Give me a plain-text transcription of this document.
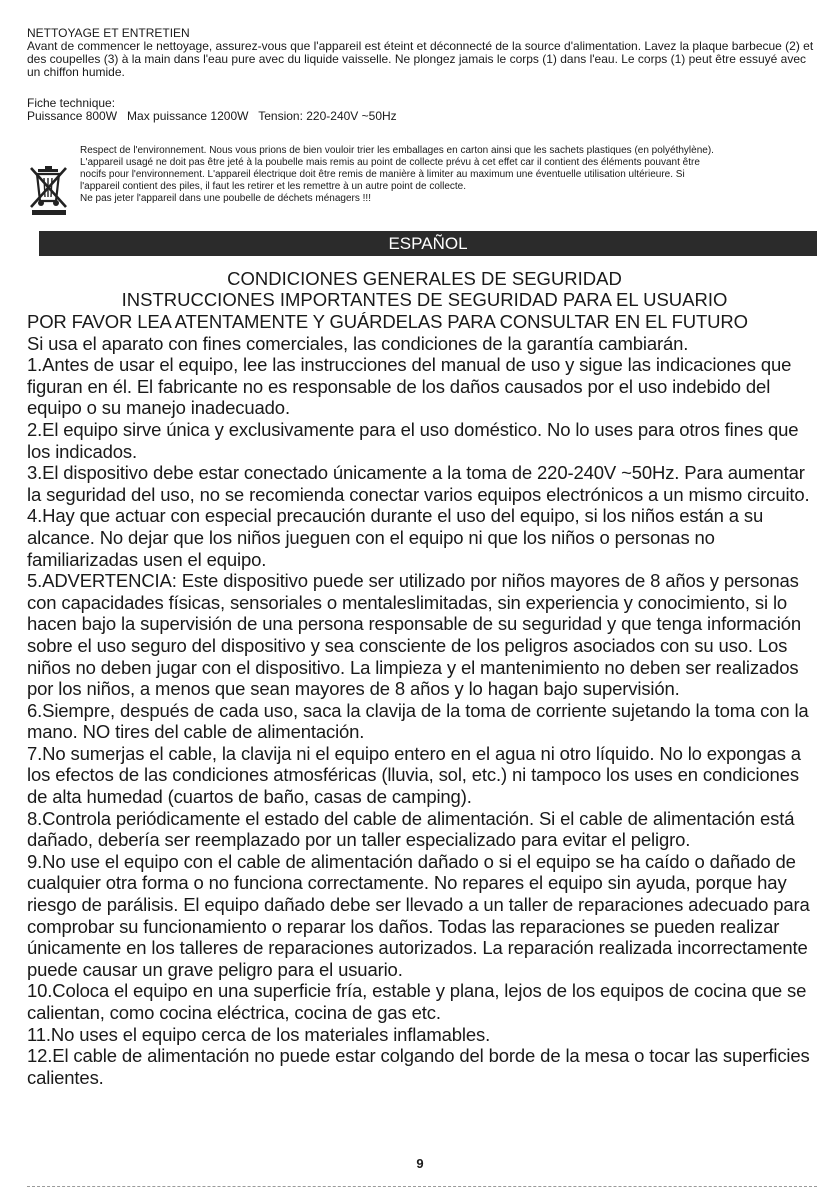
NETTOYAGE ET ENTRETIEN

Avant de commencer le nettoyage, assurez-vous que l'appareil est éteint et déconnecté de la source d'alimentation. Lavez la plaque barbecue (2) et des coupelles (3) à la main dans l'eau pure avec du liquide vaisselle. Ne plongez jamais le corps (1) dans l'eau. Le corps (1) peut être essuyé avec un chiffon humide.

Fiche technique:

Puissance 800W   Max puissance 1200W   Tension: 220-240V ~50Hz

Respect de l'environnement. Nous vous prions de bien vouloir trier les emballages en carton ainsi que les sachets plastiques (en polyéthylène).

L'appareil usagé ne doit pas être jeté à la poubelle mais remis au point de collecte prévu à cet effet car il contient des éléments pouvant être

nocifs pour l'environnement. L'appareil électrique doit être remis de manière à limiter au maximum une éventuelle utilisation ultérieure. Si

l'appareil contient des piles, il faut les retirer et les remettre à un autre point de collecte.

Ne pas jeter l'appareil dans une poubelle de déchets ménagers !!!

ESPAÑOL

CONDICIONES GENERALES DE SEGURIDAD

INSTRUCCIONES IMPORTANTES DE SEGURIDAD PARA EL USUARIO

POR FAVOR LEA ATENTAMENTE Y GUÁRDELAS PARA CONSULTAR EN EL FUTURO

Si usa el aparato con fines comerciales, las condiciones de la garantía cambiarán.

1.Antes de usar el equipo, lee las instrucciones del manual de uso y sigue las indicaciones que figuran en él. El fabricante no es responsable de los daños causados por el uso indebido del equipo o su manejo inadecuado.

2.El equipo sirve única y exclusivamente para el uso doméstico. No lo uses para otros fines que los indicados.

3.El dispositivo debe estar conectado únicamente a la toma de 220-240V ~50Hz. Para aumentar la seguridad del uso, no se recomienda conectar varios equipos electrónicos a un mismo circuito.

4.Hay que actuar con especial precaución durante el uso del equipo, si los niños están a su alcance. No dejar que los niños jueguen con el equipo ni que los niños o personas no familiarizadas usen el equipo.

5.ADVERTENCIA: Este dispositivo puede ser utilizado por niños mayores de 8 años y personas con capacidades físicas, sensoriales o mentaleslimitadas, sin experiencia y conocimiento, si lo hacen bajo la supervisión de una persona responsable de su seguridad y que tenga información sobre el uso seguro del dispositivo y sea consciente de los peligros asociados con su uso. Los niños no deben jugar con el dispositivo. La limpieza y el mantenimiento no deben ser realizados por los niños, a menos que sean mayores de 8 años y lo hagan bajo supervisión.

6.Siempre, después de cada uso, saca la clavija de la toma de corriente sujetando la toma con la mano. NO tires del cable de alimentación.

7.No sumerjas el cable, la clavija ni el equipo entero en el agua ni otro líquido. No lo expongas a los efectos de las condiciones atmosféricas (lluvia, sol, etc.) ni tampoco los uses en condiciones de alta humedad (cuartos de baño, casas de camping).

8.Controla periódicamente el estado del cable de alimentación. Si el cable de alimentación está dañado, debería ser reemplazado por un taller especializado para evitar el peligro.

9.No use el equipo con el cable de alimentación dañado o si el equipo se ha caído o dañado de cualquier otra forma o no funciona correctamente. No repares el equipo sin ayuda, porque hay riesgo de parálisis. El equipo dañado debe ser llevado a un taller de reparaciones adecuado para comprobar su funcionamiento o reparar los daños. Todas las reparaciones se pueden realizar únicamente en los talleres de reparaciones autorizados. La reparación realizada incorrectamente puede causar un grave peligro para el usuario.

10.Coloca el equipo en una superficie fría, estable y plana, lejos de los equipos de cocina que se calientan, como cocina eléctrica, cocina de gas etc.

11.No uses el equipo cerca de los materiales inflamables.

12.El cable de alimentación no puede estar colgando del borde de la mesa o tocar las superficies calientes.

9
